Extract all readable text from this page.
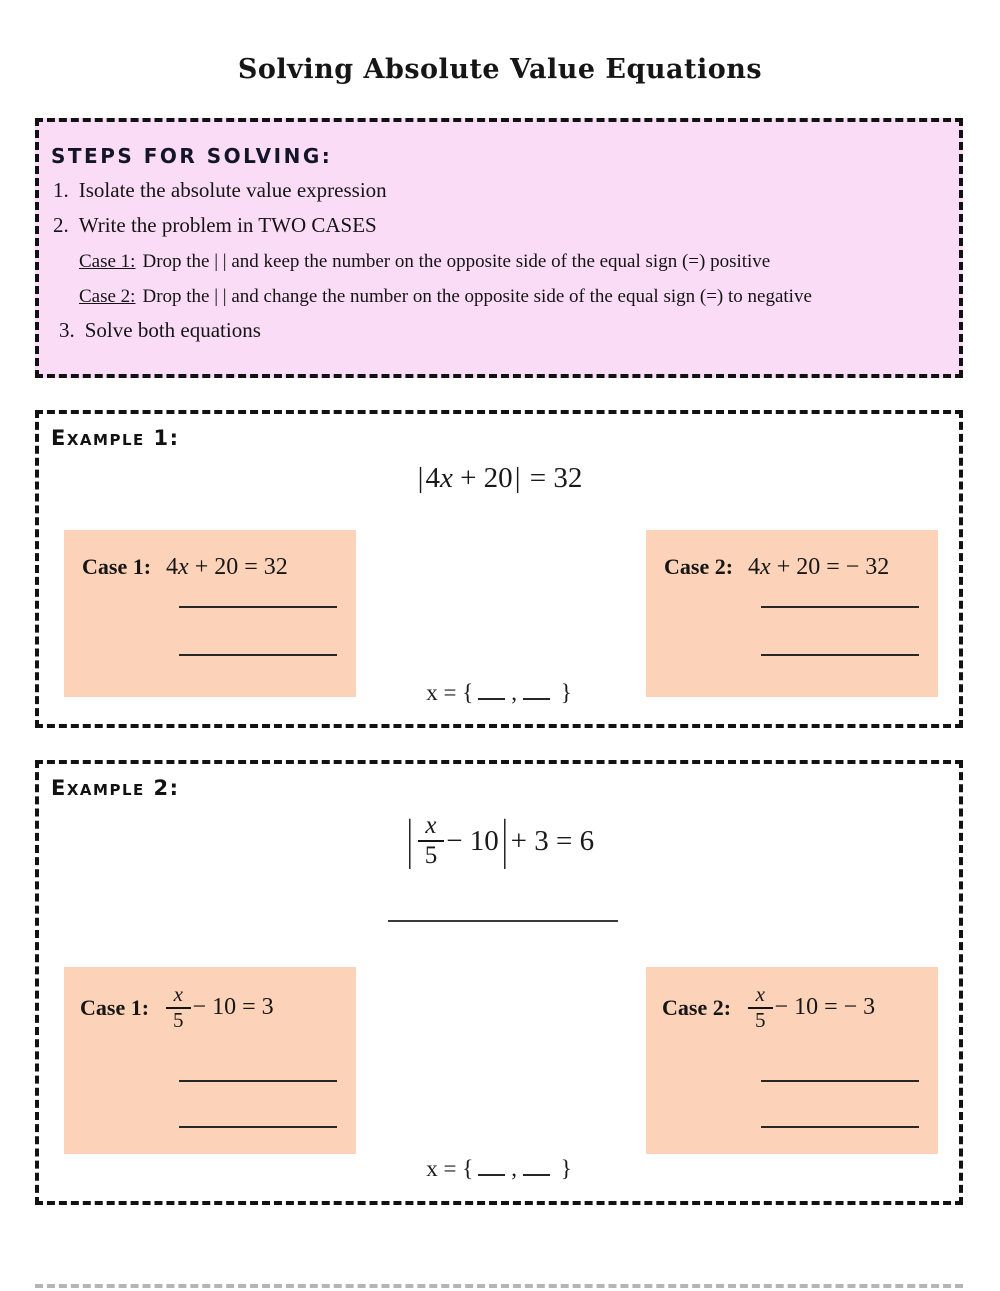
Solving Absolute Value Equations
STEPS FOR SOLVING:
1. Isolate the absolute value expression
2. Write the problem in TWO CASES
Case 1: Drop the | | and keep the number on the opposite side of the equal sign (=) positive
Case 2: Drop the | | and change the number on the opposite side of the equal sign (=) to negative
3. Solve both equations
Example 1:
|4x + 20| = 32
Case 1: 4x + 20 = 32	Case 2: 4x + 20 = − 32
x = { , }
Example 2:
| $\frac{x}{5} - 10$ | + 3 = 6
Case 1: $\frac{x}{5} - 10 = 3$	Case 2: $\frac{x}{5} - 10$ = − 3
x = { , }
